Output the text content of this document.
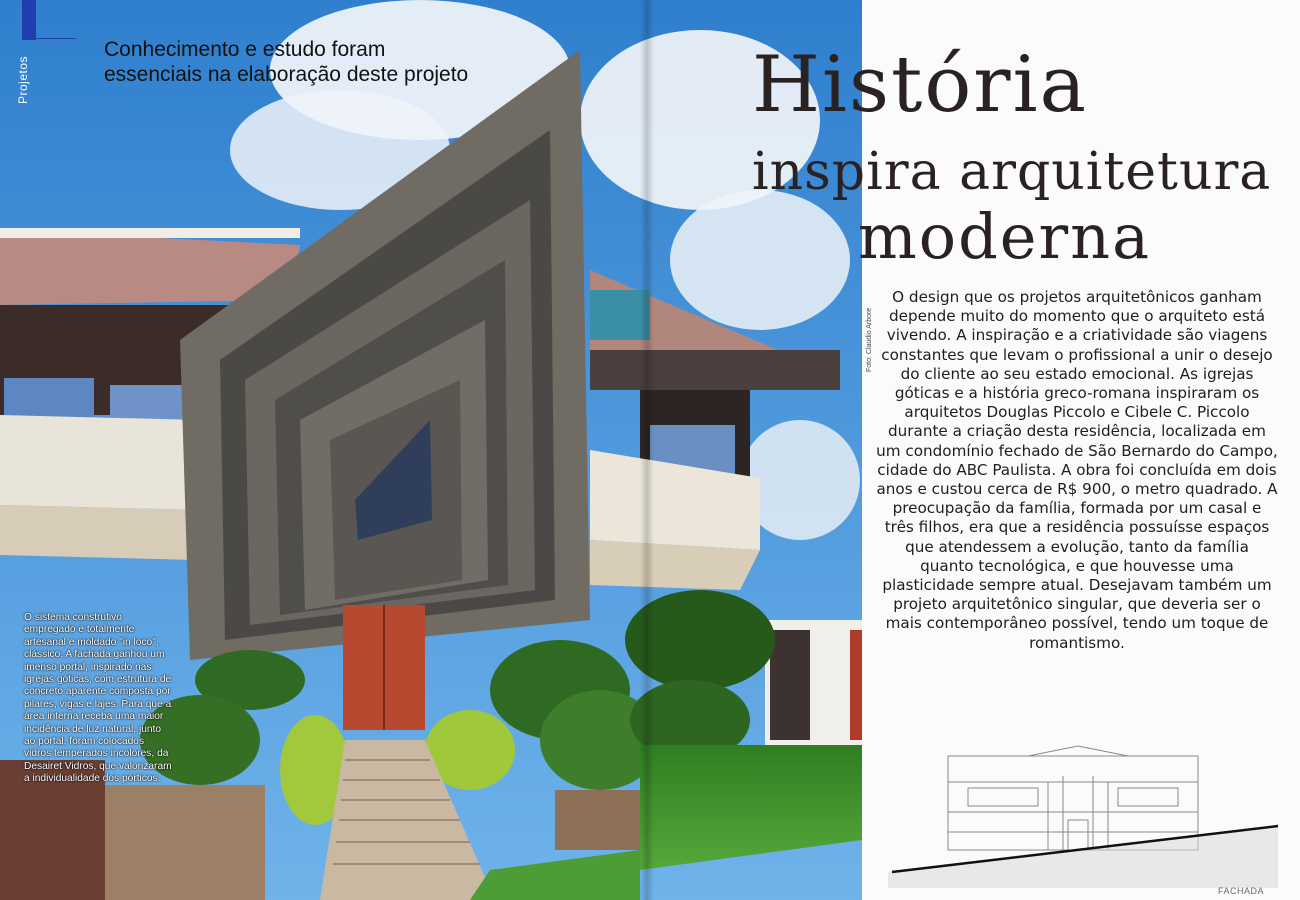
Projetos
Conhecimento e estudo foram essenciais na elaboração deste projeto	História
inspira arquitetura
moderna
Foto: Claudio Arbore

O design que os projetos arquitetônicos ganham depende muito do momento que o arquiteto está vivendo. A inspiração e a criatividade são viagens constantes que levam o profissional a unir o desejo do cliente ao seu estado emocional. As igrejas góticas e a história greco-romana inspiraram os arquitetos Douglas Piccolo e Cibele C. Piccolo durante a criação desta residência, localizada em um condomínio fechado de São Bernardo do Campo, cidade do ABC Paulista. A obra foi concluída em dois anos e custou cerca de R$ 900, o metro quadrado. A preocupação da família, formada por um casal e três filhos, era que a residência possuísse espaços que atendessem a evolução, tanto da família quanto tecnológica, e que houvesse uma plasticidade sempre atual. Desejavam também um projeto arquitetônico singular, que deveria ser o mais contemporâneo possível, tendo um toque de romantismo.

O sistema construtivo empregado é totalmente artesanal e moldado "in loco", clássico. A fachada ganhou um imenso portal, inspirado nas igrejas góticas, com estrutura de concreto aparente composta por pilares, vigas e lajes. Para que a área interna receba uma maior incidência de luz natural, junto ao portal, foram colocados vidros temperados incolores, da Desairet Vidros, que valorizaram a individualidade dos pórticos.

FACHADA
